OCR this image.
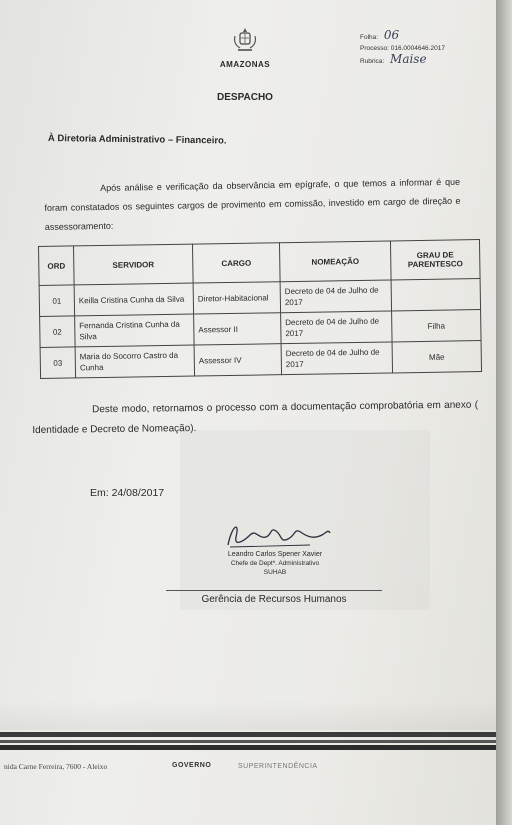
AMAZONAS
Folha: 06
Processo: 016.0004646.2017
Rubrica: Maise
DESPACHO
À Diretoria Administrativo – Financeiro.
Após análise e verificação da observância em epígrafe, o que temos a informar é que foram constatados os seguintes cargos de provimento em comissão, investido em cargo de direção e assessoramento:
ORD	SERVIDOR	CARGO	NOMEAÇÃO	GRAU DE PARENTESCO
01	Keilla Cristina Cunha da Silva	Diretor-Habitacional	Decreto de 04 de Julho de 2017	
02	Fernanda Cristina Cunha da Silva	Assessor II	Decreto de 04 de Julho de 2017	Filha
03	Maria do Socorro Castro da Cunha	Assessor IV	Decreto de 04 de Julho de 2017	Mãe
Deste modo, retornamos o processo com a documentação comprobatória em anexo ( Identidade e Decreto de Nomeação).
Em: 24/08/2017
Leandro Carlos Spener Xavier
Chefe de Deptº. Administrativo
SUHAB
Gerência de Recursos Humanos
nida Carne Ferreira, 7600 - Aleixo	GOVERNO	SUPERINTENDÊNCIA
